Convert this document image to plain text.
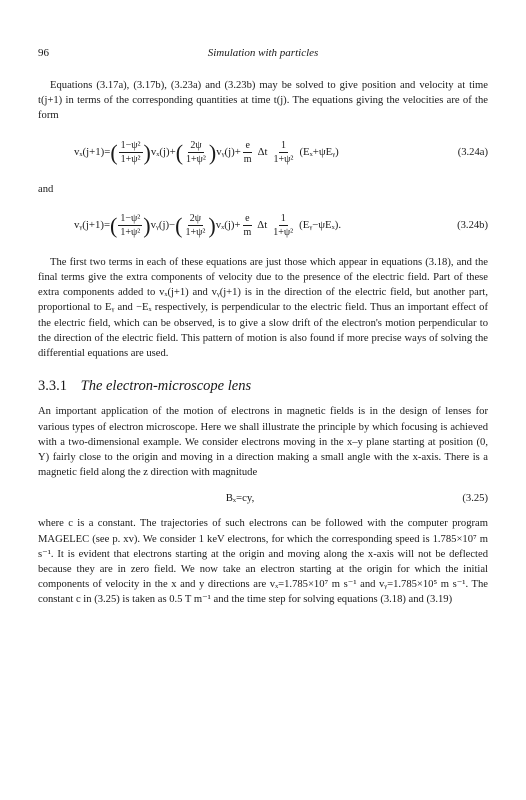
96	Simulation with particles

Equations (3.17a), (3.17b), (3.23a) and (3.23b) may be solved to give position and velocity at time t(j+1) in terms of the corresponding quantities at time t(j). The equations giving the velocities are of the form

vₓ(j+1)= ( $\frac{\text{1−ψ²}}{\text{1+ψ²}}$ ) vₓ(j)+ ( $\frac{2\psi}{\text{1+ψ²}}$ ) vᵧ(j)+ $\frac{e}{m}$ Δt $\frac{1}{\text{1+ψ²}}$ (Eₓ+ψEᵧ)	(3.24a)

and

vᵧ(j+1)= ( $\frac{\text{1−ψ²}}{\text{1+ψ²}}$ ) vᵧ(j)− ( $\frac{2\psi}{\text{1+ψ²}}$ ) $v_x(j)+ \frac{e}{m}$ Δt $\frac{1}{\text{1+ψ²}}$ (Eᵧ−ψEₓ).	(3.24b)

The first two terms in each of these equations are just those which appear in equations (3.18), and the final terms give the extra components of velocity due to the presence of the electric field. Part of these extra components added to vₓ(j+1) and vᵧ(j+1) is in the direction of the electric field, but another part, proportional to Eᵧ and −Eₓ respectively, is perpendicular to the electric field. Thus an important effect of the electric field, which can be observed, is to give a slow drift of the electron's motion perpendicular to the direction of the electric field. This pattern of motion is also found if more precise ways of solving the differential equations are used.

3.3.1 The electron-microscope lens

An important application of the motion of electrons in magnetic fields is in the design of lenses for various types of electron microscope. Here we shall illustrate the principle by which focusing is achieved with a two-dimensional example. We consider electrons moving in the x–y plane starting at position (0, Y) fairly close to the origin and moving in a direction making a small angle with the x-axis. There is a magnetic field along the z direction with magnitude

Bₓ=cy,	(3.25)

where c is a constant. The trajectories of such electrons can be followed with the computer program MAGELEC (see p. xv). We consider 1 keV electrons, for which the corresponding speed is 1.785×10⁷ m s⁻¹. It is evident that electrons starting at the origin and moving along the x-axis will not be deflected because they are in zero field. We now take an electron starting at the origin for which the initial components of velocity in the x and y directions are vₓ=1.785×10⁷ m s⁻¹ and vᵧ=1.785×10⁵ m s⁻¹. The constant c in (3.25) is taken as 0.5 T m⁻¹ and the time step for solving equations (3.18) and (3.19)
